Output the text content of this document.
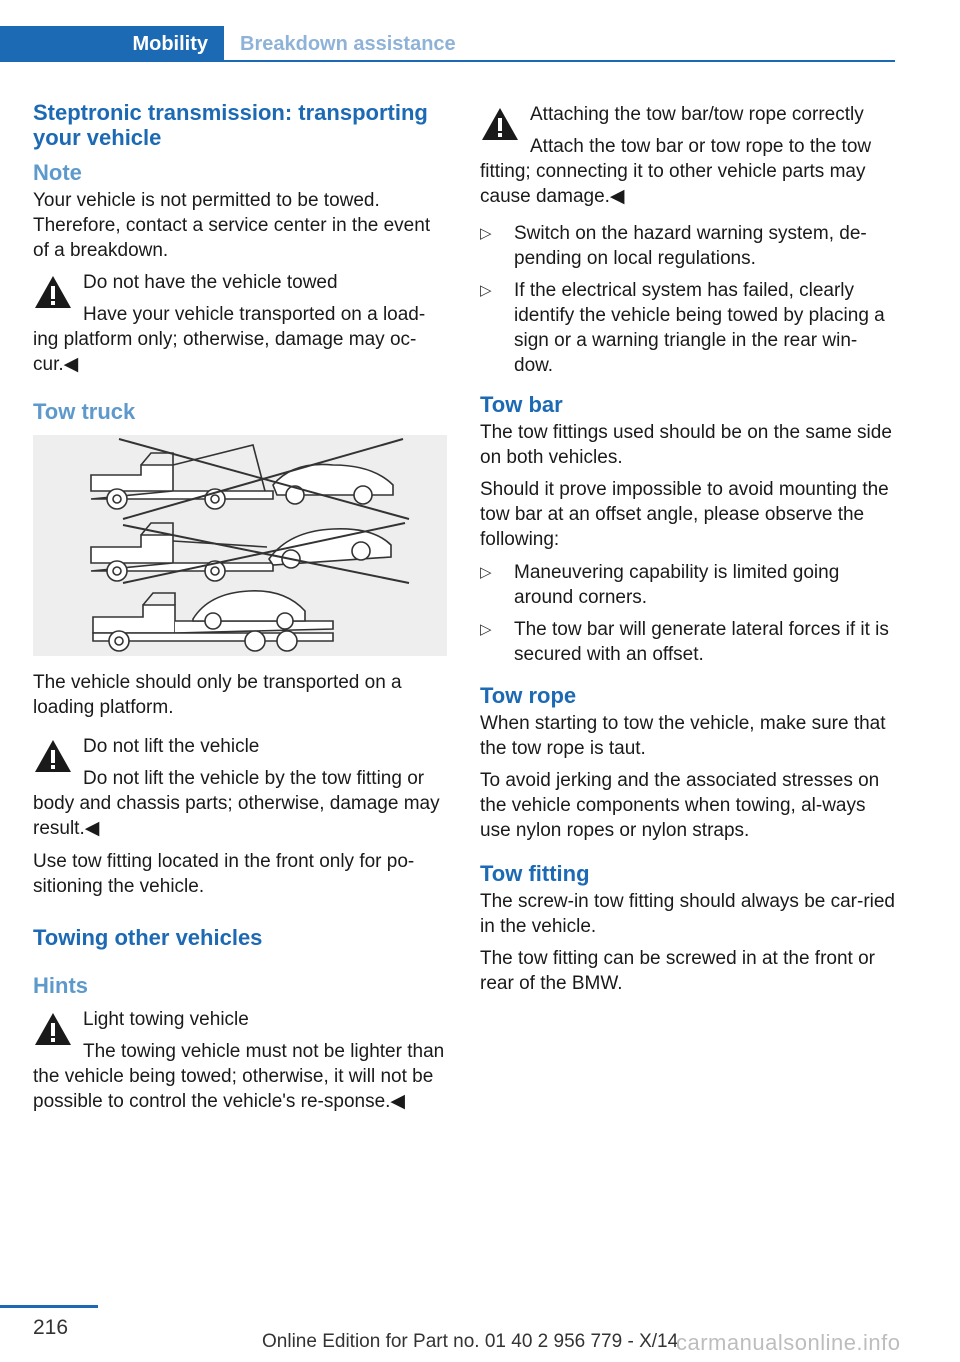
Mobility	Breakdown assistance
Steptronic transmission: transporting your vehicle
Note

Your vehicle is not permitted to be towed. Therefore, contact a service center in the event of a breakdown.

Do not have the vehicle towed
Have your vehicle transported on a load‐ing platform only; otherwise, damage may oc‐cur.◀
Tow truck

The vehicle should only be transported on a loading platform.

Do not lift the vehicle
Do not lift the vehicle by the tow fitting or body and chassis parts; otherwise, damage may result.◀

Use tow fitting located in the front only for po‐sitioning the vehicle.

Towing other vehicles
Hints
Light towing vehicle
The towing vehicle must not be lighter than the vehicle being towed; otherwise, it will not be possible to control the vehicle's re‐sponse.◀
Attaching the tow bar/tow rope correctly
Attach the tow bar or tow rope to the tow fitting; connecting it to other vehicle parts may cause damage.◀
▷ Switch on the hazard warning system, de‐pending on local regulations.
▷ If the electrical system has failed, clearly identify the vehicle being towed by placing a sign or a warning triangle in the rear win‐dow.
Tow bar

The tow fittings used should be on the same side on both vehicles.

Should it prove impossible to avoid mounting the tow bar at an offset angle, please observe the following:

▷ Maneuvering capability is limited going around corners.
▷ The tow bar will generate lateral forces if it is secured with an offset.
Tow rope

When starting to tow the vehicle, make sure that the tow rope is taut.

To avoid jerking and the associated stresses on the vehicle components when towing, al‐ways use nylon ropes or nylon straps.

Tow fitting

The screw-in tow fitting should always be car‐ried in the vehicle.

The tow fitting can be screwed in at the front or rear of the BMW.

216
Online Edition for Part no. 01 40 2 956 779 - X/14
carmanualsonline.info
